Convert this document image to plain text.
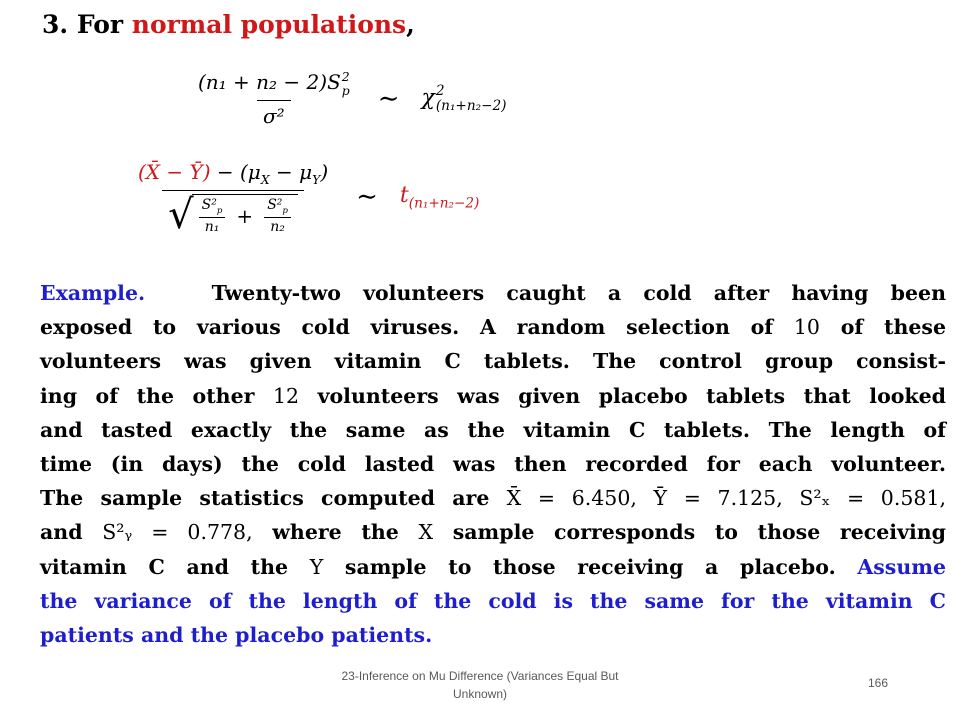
3. For normal populations,
(n₁ + n₂ − 2)S 2
p
σ² ∼ χ 2
(n₁+n₂−2)
(X̄ − Ȳ) − $(\mu_X - \mu_Y)$
√ $\frac{S^2_p}{\text{n₁}} + \frac{S^2_p}{\text{n₂}}$ ∼ $t_{(n_1+n_2-2)}$
Example.	Twenty-two volunteers caught a cold after having been
exposed to various cold viruses. A random selection of 10 of these
volunteers was given vitamin C tablets. The control group consist-
ing of the other 12 volunteers was given placebo tablets that looked
and tasted exactly the same as the vitamin C tablets. The length of
time (in days) the cold lasted was then recorded for each volunteer.
The sample statistics computed are X̄ = 6.450, Ȳ = 7.125, S²ₓ = 0.581,
and S²ᵧ = 0.778, where the X sample corresponds to those receiving
vitamin C and the Y sample to those receiving a placebo. Assume
the variance of the length of the cold is the same for the vitamin C
patients and the placebo patients.
23-Inference on Mu Difference (Variances Equal But Unknown)
166
